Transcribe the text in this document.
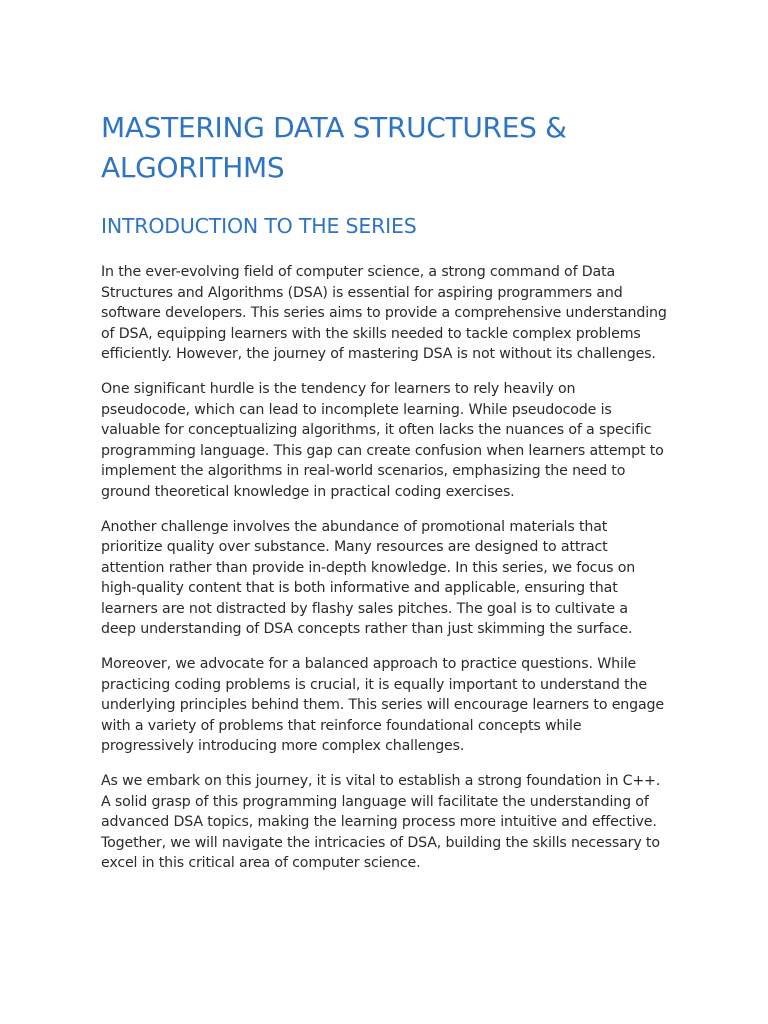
MASTERING DATA STRUCTURES & ALGORITHMS
INTRODUCTION TO THE SERIES

In the ever-evolving field of computer science, a strong command of Data Structures and Algorithms (DSA) is essential for aspiring programmers and software developers. This series aims to provide a comprehensive understanding of DSA, equipping learners with the skills needed to tackle complex problems efficiently. However, the journey of mastering DSA is not without its challenges.

One significant hurdle is the tendency for learners to rely heavily on pseudocode, which can lead to incomplete learning. While pseudocode is valuable for conceptualizing algorithms, it often lacks the nuances of a specific programming language. This gap can create confusion when learners attempt to implement the algorithms in real-world scenarios, emphasizing the need to ground theoretical knowledge in practical coding exercises.

Another challenge involves the abundance of promotional materials that prioritize quality over substance. Many resources are designed to attract attention rather than provide in-depth knowledge. In this series, we focus on high-quality content that is both informative and applicable, ensuring that learners are not distracted by flashy sales pitches. The goal is to cultivate a deep understanding of DSA concepts rather than just skimming the surface.

Moreover, we advocate for a balanced approach to practice questions. While practicing coding problems is crucial, it is equally important to understand the underlying principles behind them. This series will encourage learners to engage with a variety of problems that reinforce foundational concepts while progressively introducing more complex challenges.

As we embark on this journey, it is vital to establish a strong foundation in C++. A solid grasp of this programming language will facilitate the understanding of advanced DSA topics, making the learning process more intuitive and effective. Together, we will navigate the intricacies of DSA, building the skills necessary to excel in this critical area of computer science.
